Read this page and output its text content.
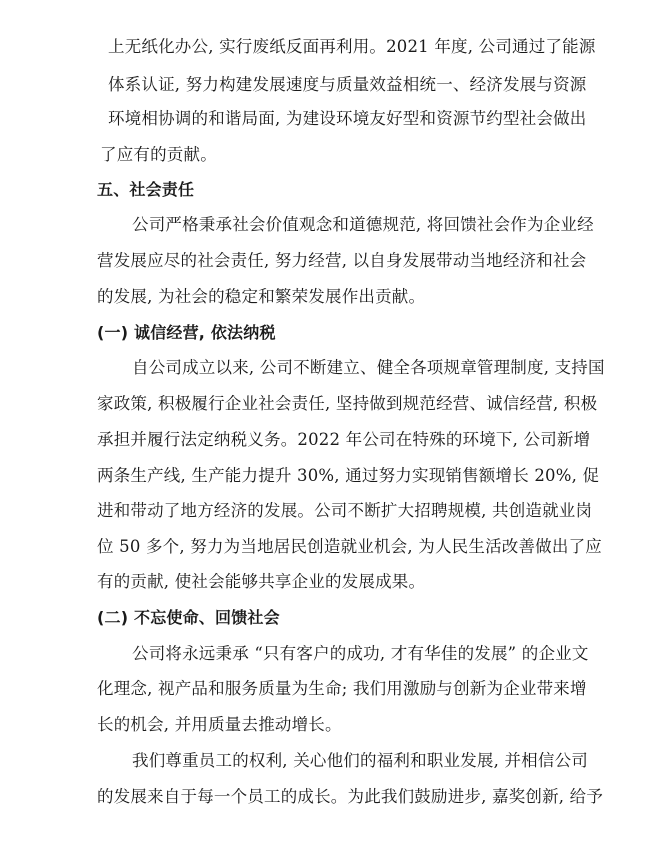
上无纸化办公, 实行废纸反面再利用。2021 年度, 公司通过了能源
体系认证, 努力构建发展速度与质量效益相统一、经济发展与资源
环境相协调的和谐局面, 为建设环境友好型和资源节约型社会做出
了应有的贡献。
五、社会责任
公司严格秉承社会价值观念和道德规范, 将回馈社会作为企业经
营发展应尽的社会责任, 努力经营, 以自身发展带动当地经济和社会
的发展, 为社会的稳定和繁荣发展作出贡献。
(一) 诚信经营, 依法纳税
自公司成立以来, 公司不断建立、健全各项规章管理制度, 支持国
家政策, 积极履行企业社会责任, 坚持做到规范经营、诚信经营, 积极
承担并履行法定纳税义务。2022 年公司在特殊的环境下, 公司新增
两条生产线, 生产能力提升 30%, 通过努力实现销售额增长 20%, 促
进和带动了地方经济的发展。公司不断扩大招聘规模, 共创造就业岗
位 50 多个, 努力为当地居民创造就业机会, 为人民生活改善做出了应
有的贡献, 使社会能够共享企业的发展成果。
(二) 不忘使命、回馈社会
公司将永远秉承 “只有客户的成功, 才有华佳的发展” 的企业文
化理念, 视产品和服务质量为生命; 我们用激励与创新为企业带来增
长的机会, 并用质量去推动增长。
我们尊重员工的权利, 关心他们的福利和职业发展, 并相信公司
的发展来自于每一个员工的成长。为此我们鼓励进步, 嘉奖创新, 给予
